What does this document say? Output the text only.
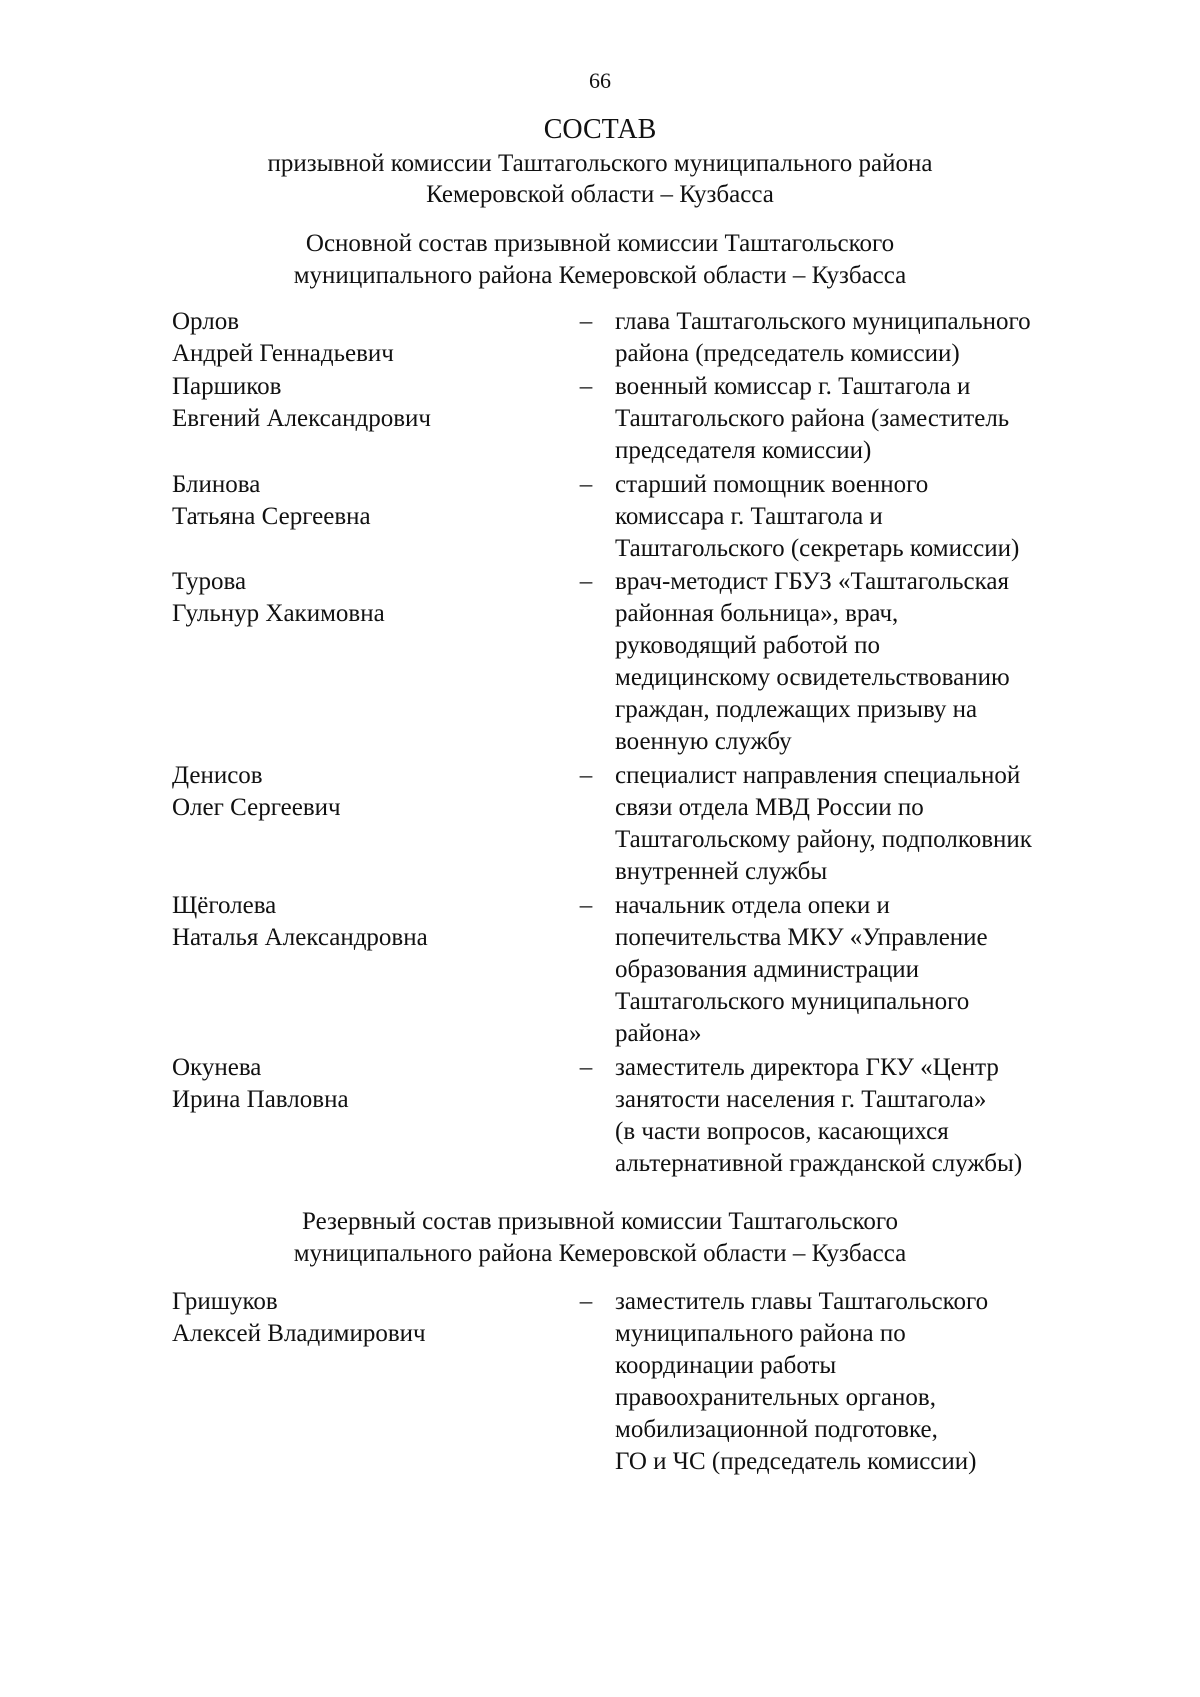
66
СОСТАВ
призывной комиссии Таштагольского муниципального района
Кемеровской области – Кузбасса
Основной состав призывной комиссии Таштагольского
муниципального района Кемеровской области – Кузбасса
Орлов
Андрей Геннадьевич
– глава Таштагольского муниципального
района (председатель комиссии)
Паршиков
Евгений Александрович
– военный комиссар г. Таштагола и
Таштагольского района (заместитель
председателя комиссии)
Блинова
Татьяна Сергеевна
– старший помощник военного
комиссара г. Таштагола и
Таштагольского (секретарь комиссии)
Турова
Гульнур Хакимовна
– врач-методист ГБУЗ «Таштагольская
районная больница», врач,
руководящий работой по
медицинскому освидетельствованию
граждан, подлежащих призыву на
военную службу
Денисов
Олег Сергеевич
– специалист направления специальной
связи отдела МВД России по
Таштагольскому району, подполковник
внутренней службы
Щёголева
Наталья Александровна
– начальник отдела опеки и
попечительства МКУ «Управление
образования администрации
Таштагольского муниципального
района»
Окунева
Ирина Павловна
– заместитель директора ГКУ «Центр
занятости населения г. Таштагола»
(в части вопросов, касающихся
альтернативной гражданской службы)
Резервный состав призывной комиссии Таштагольского
муниципального района Кемеровской области – Кузбасса
Гришуков
Алексей Владимирович
– заместитель главы Таштагольского
муниципального района по
координации работы
правоохранительных органов,
мобилизационной подготовке,
ГО и ЧС (председатель комиссии)
